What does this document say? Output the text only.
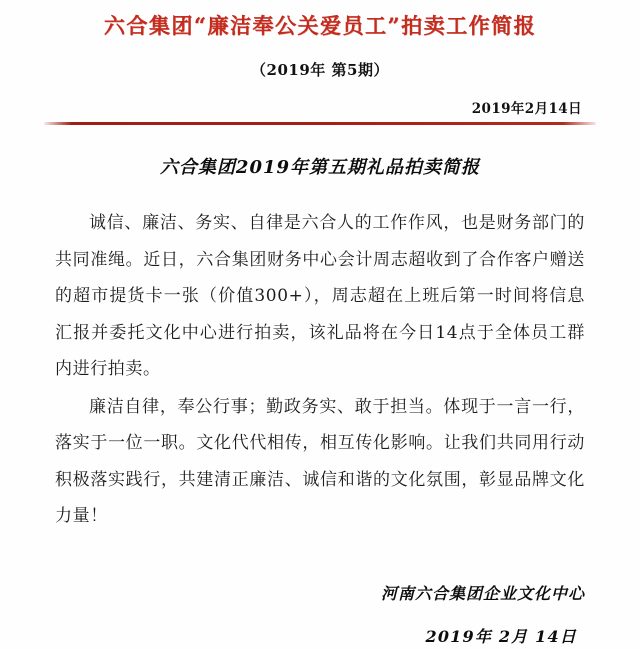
六合集团“廉洁奉公关爱员工”拍卖工作简报
（2019年 第5期）
2019年2月14日
六合集团2019年第五期礼品拍卖简报

诚信、廉洁、务实、自律是六合人的工作作风，也是财务部门的共同准绳。近日，六合集团财务中心会计周志超收到了合作客户赠送的超市提货卡一张（价值300+），周志超在上班后第一时间将信息汇报并委托文化中心进行拍卖，该礼品将在今日14点于全体员工群内进行拍卖。

廉洁自律，奉公行事；勤政务实、敢于担当。体现于一言一行，落实于一位一职。文化代代相传，相互传化影响。让我们共同用行动积极落实践行，共建清正廉洁、诚信和谐的文化氛围，彰显品牌文化力量！

河南六合集团企业文化中心
2019年 2月 14日
